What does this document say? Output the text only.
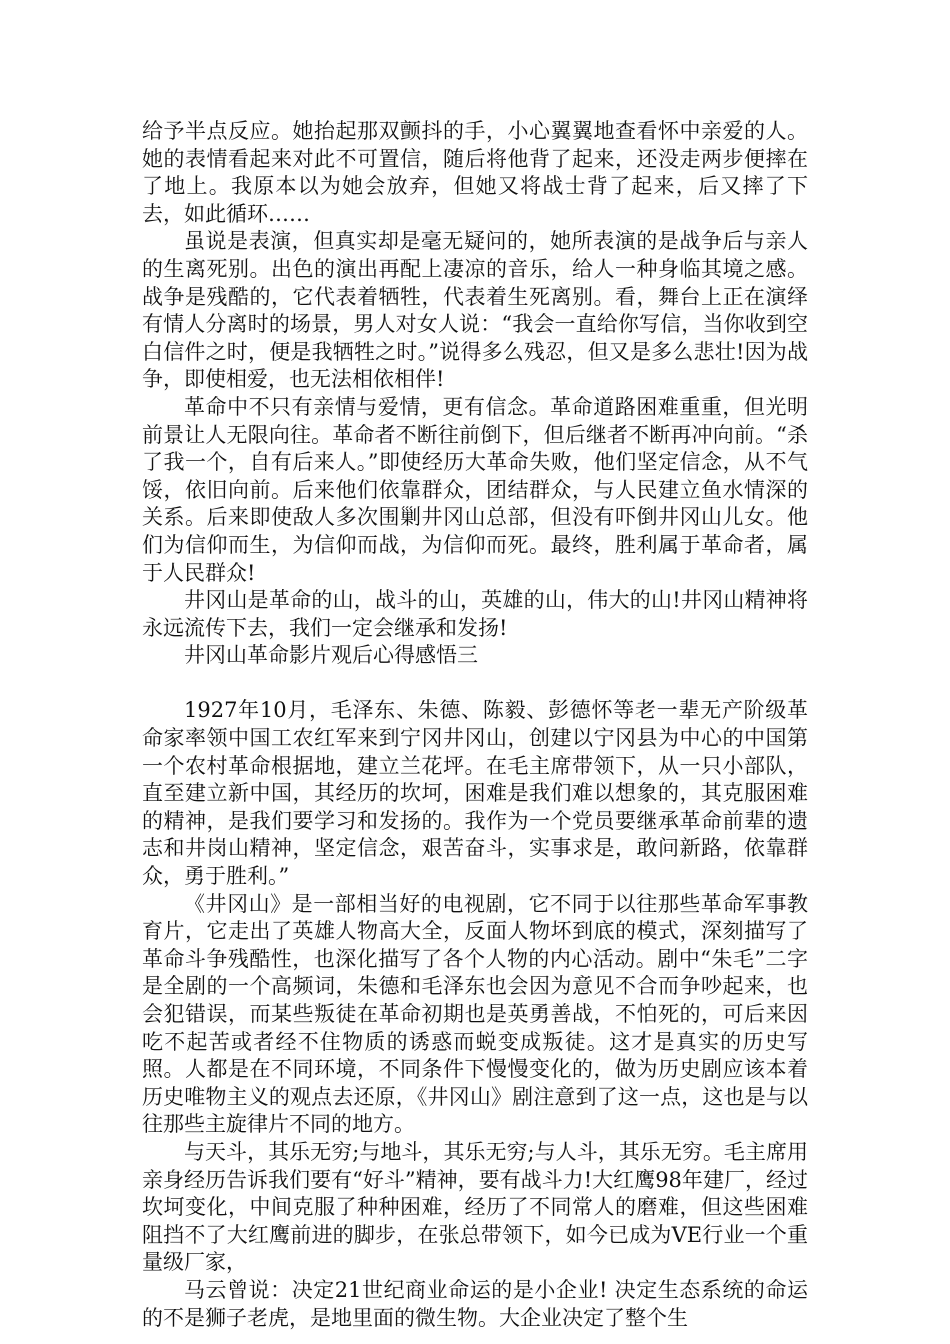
给予半点反应。她抬起那双颤抖的手，小心翼翼地查看怀中亲爱的人。她的表情看起来对此不可置信，随后将他背了起来，还没走两步便摔在了地上。我原本以为她会放弃，但她又将战士背了起来，后又摔了下去，如此循环……

虽说是表演，但真实却是毫无疑问的，她所表演的是战争后与亲人的生离死别。出色的演出再配上凄凉的音乐，给人一种身临其境之感。战争是残酷的，它代表着牺牲，代表着生死离别。看，舞台上正在演绎有情人分离时的场景，男人对女人说：“我会一直给你写信，当你收到空白信件之时，便是我牺牲之时。”说得多么残忍，但又是多么悲壮!因为战争，即使相爱，也无法相依相伴!

革命中不只有亲情与爱情，更有信念。革命道路困难重重，但光明前景让人无限向往。革命者不断往前倒下，但后继者不断再冲向前。“杀了我一个，自有后来人。”即使经历大革命失败，他们坚定信念，从不气馁，依旧向前。后来他们依靠群众，团结群众，与人民建立鱼水情深的关系。后来即使敌人多次围剿井冈山总部，但没有吓倒井冈山儿女。他们为信仰而生，为信仰而战，为信仰而死。最终，胜利属于革命者，属于人民群众!

井冈山是革命的山，战斗的山，英雄的山，伟大的山!井冈山精神将永远流传下去，我们一定会继承和发扬!

井冈山革命影片观后心得感悟三

1927年10月，毛泽东、朱德、陈毅、彭德怀等老一辈无产阶级革命家率领中国工农红军来到宁冈井冈山，创建以宁冈县为中心的中国第一个农村革命根据地，建立兰花坪。在毛主席带领下，从一只小部队，直至建立新中国，其经历的坎坷，困难是我们难以想象的，其克服困难的精神，是我们要学习和发扬的。我作为一个党员要继承革命前辈的遗志和井岗山精神，坚定信念，艰苦奋斗，实事求是，敢问新路，依靠群众，勇于胜利。”

《井冈山》是一部相当好的电视剧，它不同于以往那些革命军事教育片，它走出了英雄人物高大全，反面人物坏到底的模式，深刻描写了革命斗争残酷性，也深化描写了各个人物的内心活动。剧中“朱毛”二字是全剧的一个高频词，朱德和毛泽东也会因为意见不合而争吵起来，也会犯错误，而某些叛徒在革命初期也是英勇善战，不怕死的，可后来因吃不起苦或者经不住物质的诱惑而蜕变成叛徒。这才是真实的历史写照。人都是在不同环境，不同条件下慢慢变化的，做为历史剧应该本着历史唯物主义的观点去还原，《井冈山》剧注意到了这一点，这也是与以往那些主旋律片不同的地方。

与天斗，其乐无穷;与地斗，其乐无穷;与人斗，其乐无穷。毛主席用亲身经历告诉我们要有“好斗”精神，要有战斗力!大红鹰98年建厂，经过坎坷变化，中间克服了种种困难，经历了不同常人的磨难，但这些困难阻挡不了大红鹰前进的脚步，在张总带领下，如今已成为VE行业一个重量级厂家，

马云曾说：决定21世纪商业命运的是小企业! 决定生态系统的命运的不是狮子老虎，是地里面的微生物。大企业决定了整个生
